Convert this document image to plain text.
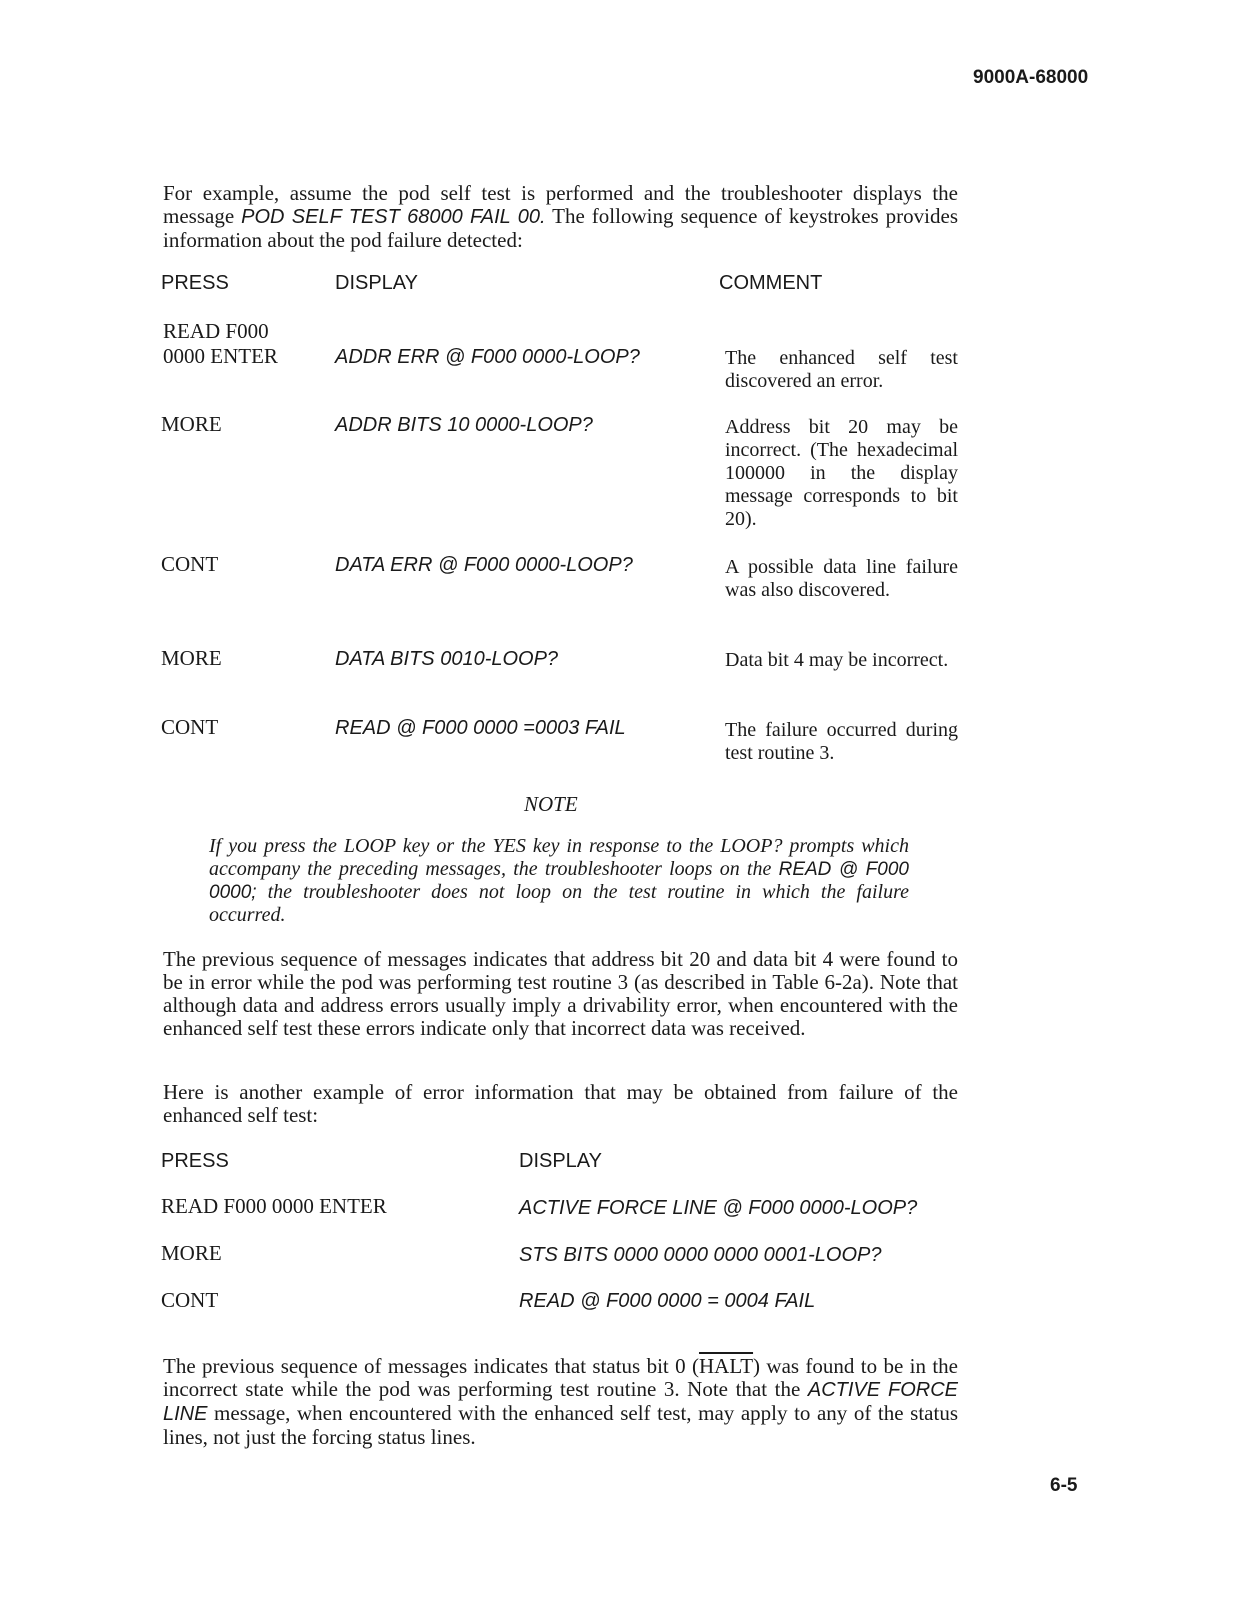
9000A-68000
For example, assume the pod self test is performed and the troubleshooter displays the message POD SELF TEST 68000 FAIL 00. The following sequence of keystrokes provides information about the pod failure detected:
PRESS	DISPLAY	COMMENT
READ F000
0000 ENTER	ADDR ERR @ F000 0000-LOOP?	The enhanced self test discovered an error.
MORE	ADDR BITS 10 0000-LOOP?	Address bit 20 may be incorrect. (The hexadecimal 100000 in the display message corresponds to bit 20).
CONT	DATA ERR @ F000 0000-LOOP?	A possible data line failure was also discovered.
MORE	DATA BITS 0010-LOOP?	Data bit 4 may be incorrect.
CONT	READ @ F000 0000 =0003 FAIL	The failure occurred during test routine 3.
NOTE
If you press the LOOP key or the YES key in response to the LOOP? prompts which accompany the preceding messages, the troubleshooter loops on the READ @ F000 0000; the troubleshooter does not loop on the test routine in which the failure occurred.
The previous sequence of messages indicates that address bit 20 and data bit 4 were found to be in error while the pod was performing test routine 3 (as described in Table 6-2a). Note that although data and address errors usually imply a drivability error, when encountered with the enhanced self test these errors indicate only that incorrect data was received.
Here is another example of error information that may be obtained from failure of the enhanced self test:
PRESS	DISPLAY
READ F000 0000 ENTER	ACTIVE FORCE LINE @ F000 0000-LOOP?
MORE	STS BITS 0000 0000 0000 0001-LOOP?
CONT	READ @ F000 0000 = 0004 FAIL
The previous sequence of messages indicates that status bit 0 (HALT) was found to be in the incorrect state while the pod was performing test routine 3. Note that the ACTIVE FORCE LINE message, when encountered with the enhanced self test, may apply to any of the status lines, not just the forcing status lines.
6-5
